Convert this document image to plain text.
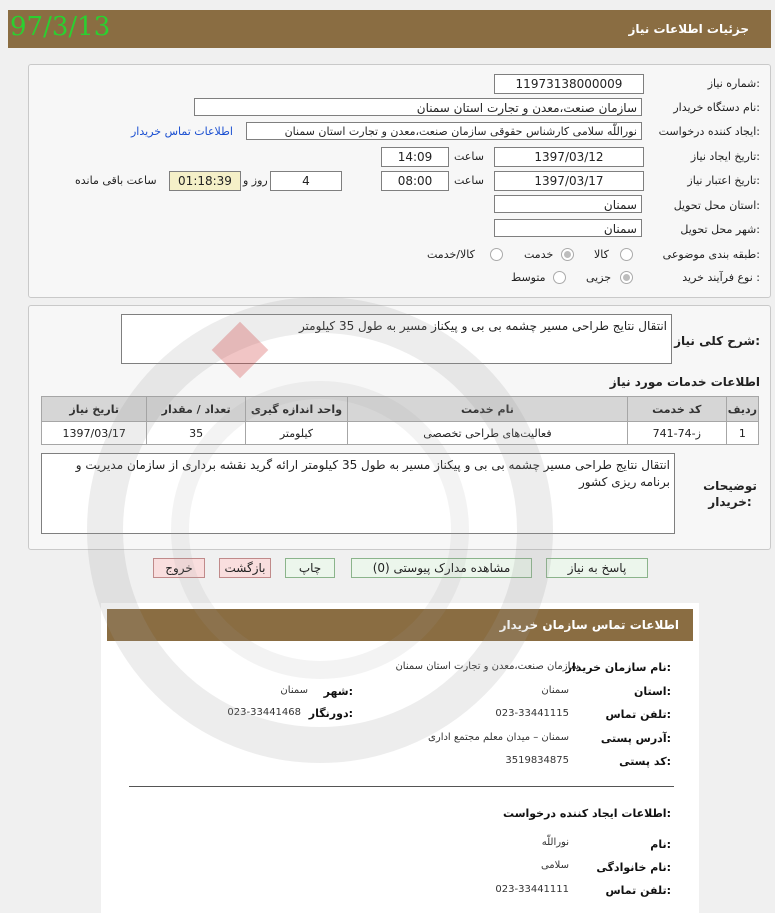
جزئیات اطلاعات نیاز
97/3/13
شماره نیاز:
11973138000009
نام دستگاه خریدار:
سازمان صنعت،معدن و تجارت استان سمنان
ایجاد کننده درخواست:
نوراللّه سلامی کارشناس حقوقی سازمان صنعت،معدن و تجارت استان سمنان
اطلاعات تماس خریدار
تاریخ ایجاد نیاز:
1397/03/12
ساعت
14:09
تاریخ اعتبار نیاز:
1397/03/17
ساعت
08:00
4
روز و
01:18:39
ساعت باقی مانده
استان محل تحویل:
سمنان
شهر محل تحویل:
سمنان
طبقه بندی موضوعی:
کالا
خدمت
کالا/خدمت
نوع فرآیند خرید :
جزیی
متوسط
شرح کلی نیاز:
انتقال نتایج طراحی مسیر چشمه بی بی و پیکناز مسیر به طول 35 کیلومتر
اطلاعات خدمات مورد نیاز
ردیف	کد خدمت	نام خدمت	واحد اندازه گیری	تعداد / مقدار	تاریخ نیاز
1	ز-74-741	فعالیت‌های طراحی تخصصی	کیلومتر	35	1397/03/17
توضیحات خریدار:
انتقال نتایج طراحی مسیر چشمه بی بی و پیکناز مسیر به طول 35 کیلومتر ارائه گرید نقشه برداری از سازمان مدیریت و برنامه ریزی کشور
پاسخ به نیاز
مشاهده مدارک پیوستی (0)
چاپ
بازگشت
خروج
اطلاعات تماس سازمان خریدار
نام سازمان خریدار:
سازمان صنعت،معدن و تجارت استان سمنان
استان:
سمنان
شهر:
سمنان
تلفن تماس:
023-33441115
دورنگار:
023-33441468
آدرس پستی:
سمنان – میدان معلم مجتمع اداری
کد پستی:
3519834875
اطلاعات ایجاد کننده درخواست:
نام:
نوراللّه
نام خانوادگی:
سلامی
تلفن تماس:
023-33441111
